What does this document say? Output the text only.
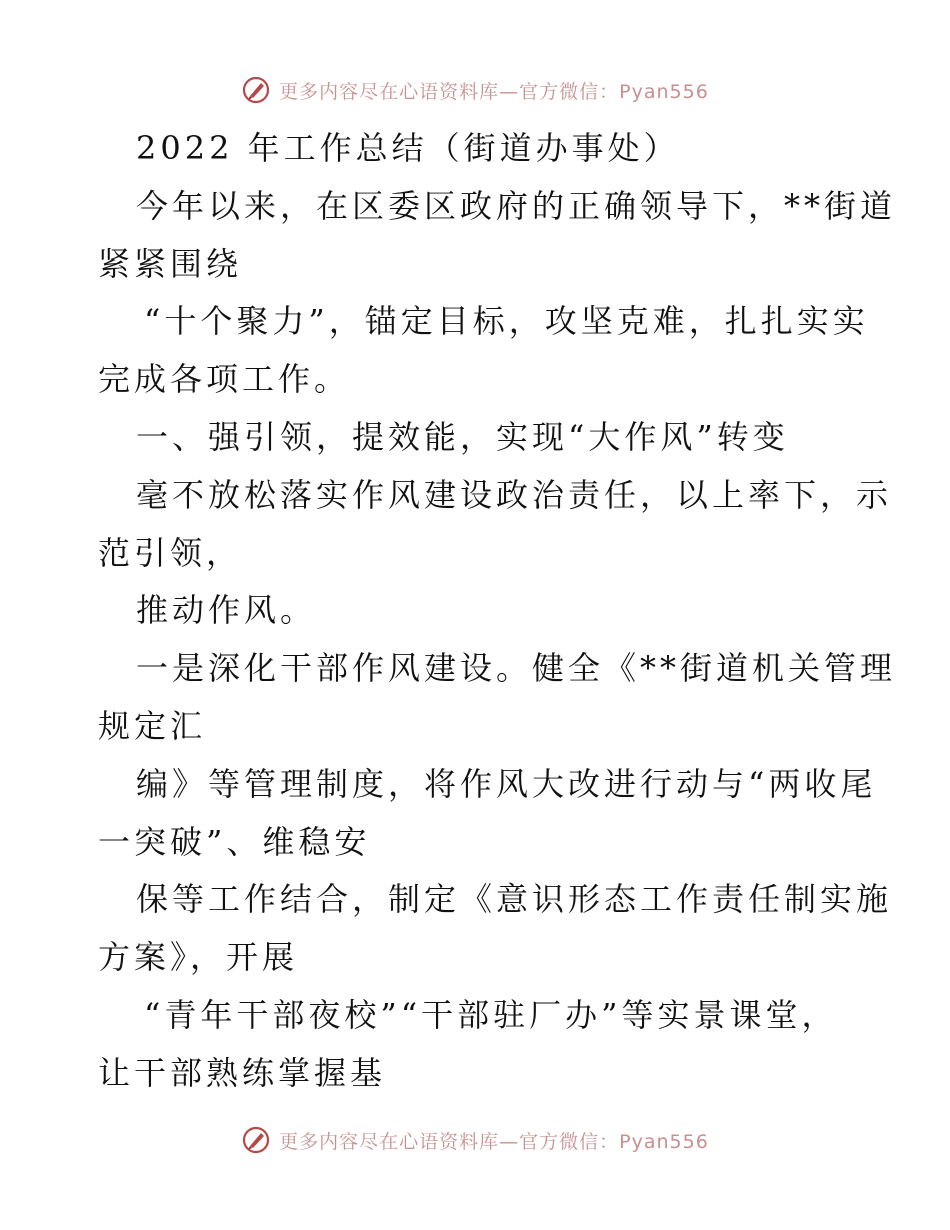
更多内容尽在心语资料库—官方微信：Pyan556
2022 年工作总结（街道办事处）
今年以来，在区委区政府的正确领导下，**街道
紧紧围绕
“十个聚力”，锚定目标，攻坚克难，扎扎实实
完成各项工作。
一、强引领，提效能，实现“大作风”转变
毫不放松落实作风建设政治责任，以上率下，示
范引领，
推动作风。
一是深化干部作风建设。健全《**街道机关管理
规定汇
编》等管理制度，将作风大改进行动与“两收尾
一突破”、维稳安
保等工作结合，制定《意识形态工作责任制实施
方案》，开展
“青年干部夜校”“干部驻厂办”等实景课堂，
让干部熟练掌握基
更多内容尽在心语资料库—官方微信：Pyan556
